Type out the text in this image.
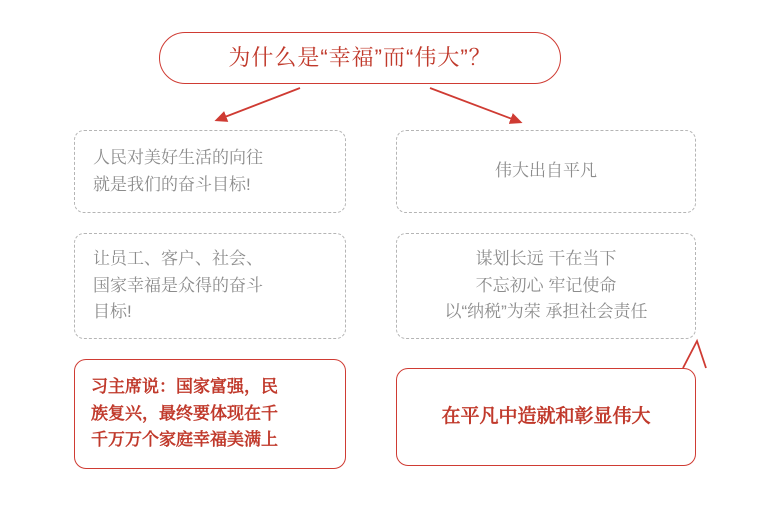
为什么是“幸福”而“伟大”？
人民对美好生活的向往
就是我们的奋斗目标!
让员工、客户、社会、
国家幸福是众得的奋斗
目标!
习主席说：国家富强，民
族复兴，最终要体现在千
千万万个家庭幸福美满上
伟大出自平凡
谋划长远 干在当下
不忘初心 牢记使命
以“纳税”为荣 承担社会责任
在平凡中造就和彰显伟大
